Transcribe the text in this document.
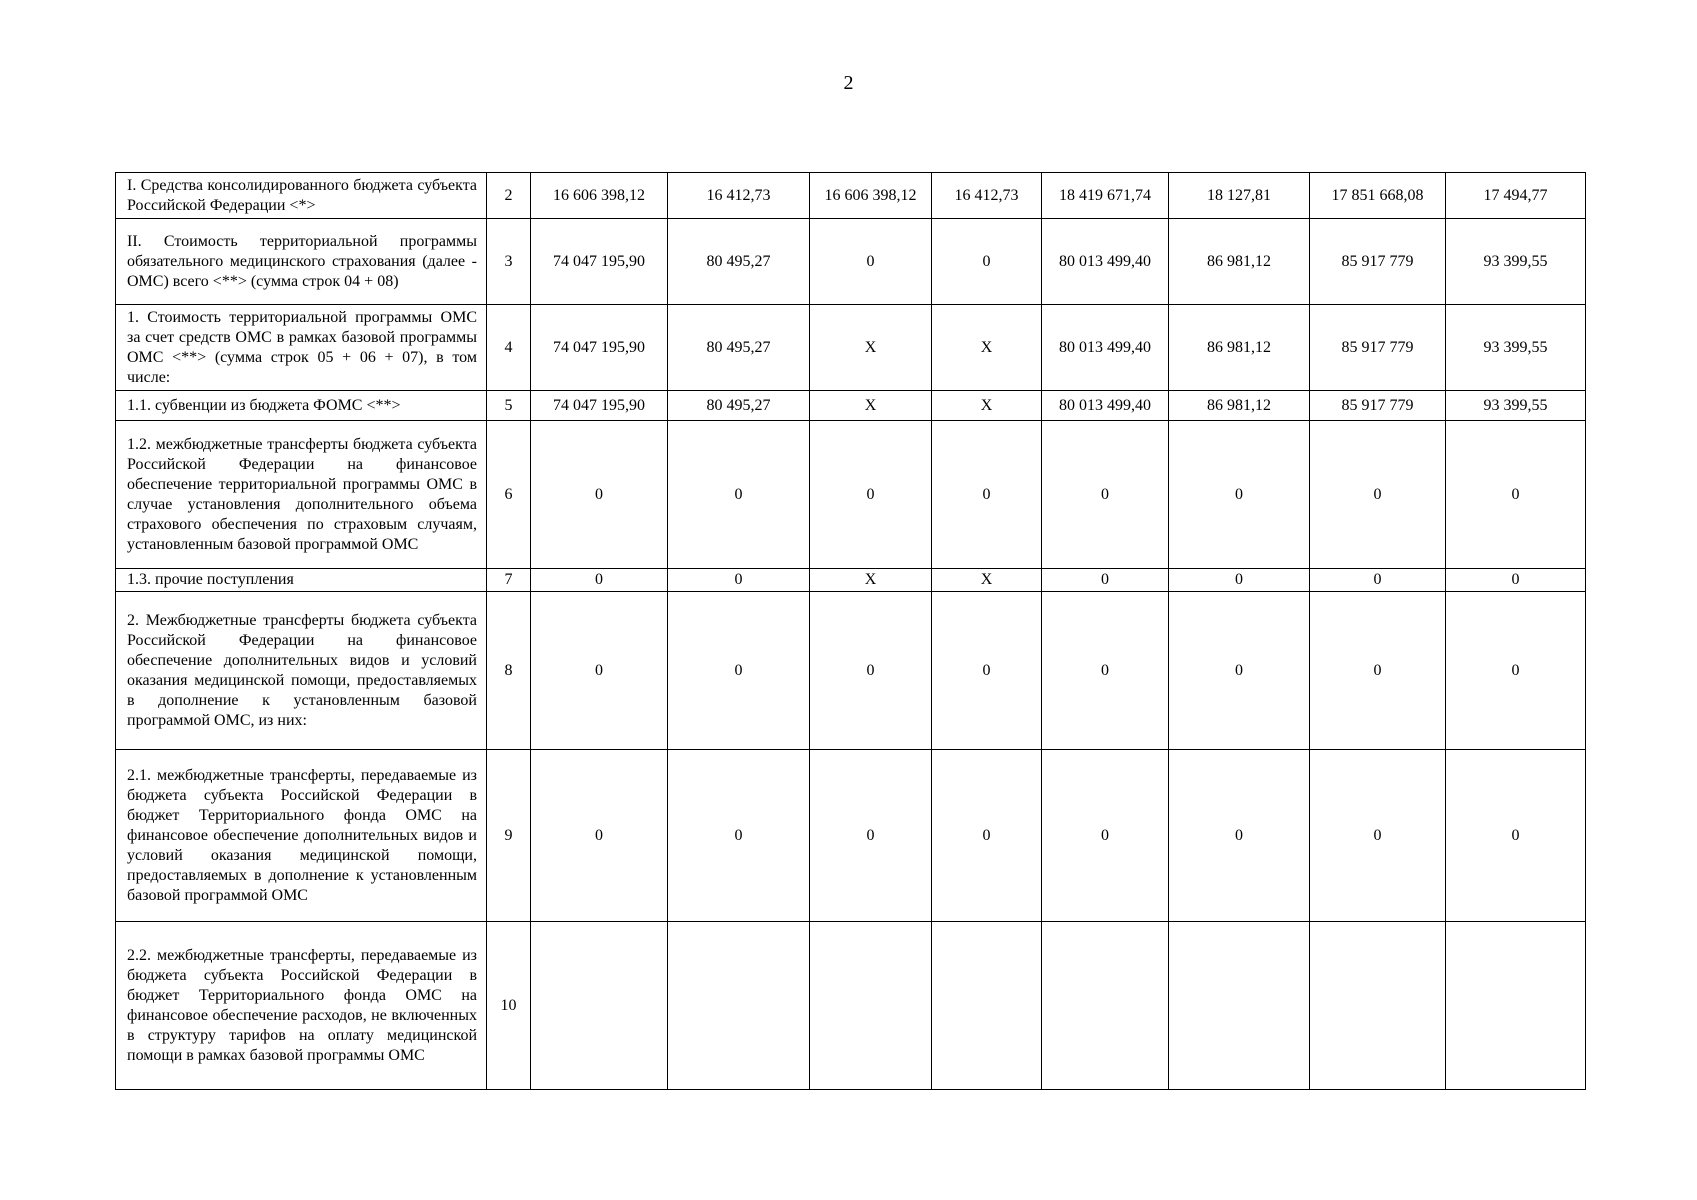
2
I. Средства консолидированного бюджета субъекта Российской Федерации <*>	2	16 606 398,12	16 412,73	16 606 398,12	16 412,73	18 419 671,74	18 127,81	17 851 668,08	17 494,77
II. Стоимость территориальной программы обязательного медицинского страхования (далее - ОМС) всего <**> (сумма строк 04 + 08)	3	74 047 195,90	80 495,27	0	0	80 013 499,40	86 981,12	85 917 779	93 399,55
1. Стоимость территориальной программы ОМС за счет средств ОМС в рамках базовой программы ОМС <**> (сумма строк 05 + 06 + 07), в том числе:	4	74 047 195,90	80 495,27	X	X	80 013 499,40	86 981,12	85 917 779	93 399,55
1.1. субвенции из бюджета ФОМС <**>	5	74 047 195,90	80 495,27	X	X	80 013 499,40	86 981,12	85 917 779	93 399,55
1.2. межбюджетные трансферты бюджета субъекта Российской Федерации на финансовое обеспечение территориальной программы ОМС в случае установления дополнительного объема страхового обеспечения по страховым случаям, установленным базовой программой ОМС	6	0	0	0	0	0	0	0	0
1.3. прочие поступления	7	0	0	X	X	0	0	0	0
2. Межбюджетные трансферты бюджета субъекта Российской Федерации на финансовое обеспечение дополнительных видов и условий оказания медицинской помощи, предоставляемых в дополнение к установленным базовой программой ОМС, из них:	8	0	0	0	0	0	0	0	0
2.1. межбюджетные трансферты, передаваемые из бюджета субъекта Российской Федерации в бюджет Территориального фонда ОМС на финансовое обеспечение дополнительных видов и условий оказания медицинской помощи, предоставляемых в дополнение к установленным базовой программой ОМС	9	0	0	0	0	0	0	0	0
2.2. межбюджетные трансферты, передаваемые из бюджета субъекта Российской Федерации в бюджет Территориального фонда ОМС на финансовое обеспечение расходов, не включенных в структуру тарифов на оплату медицинской помощи в рамках базовой программы ОМС	10								
